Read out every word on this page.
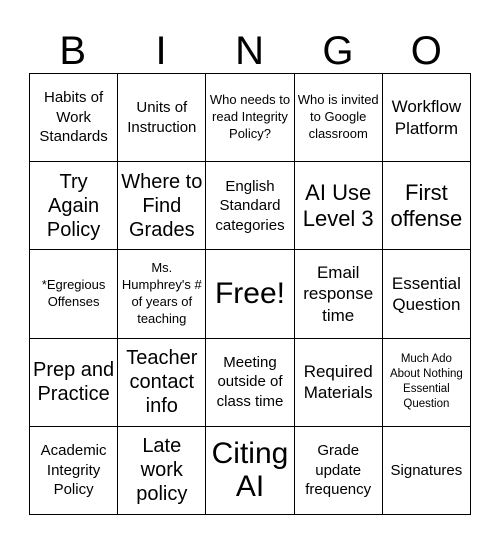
B	I	N	G	O
Habits of Work Standards
Units of Instruction
Who needs to read Integrity Policy?
Who is invited to Google classroom
Workflow Platform
Try Again Policy
Where to Find Grades
English Standard categories
AI Use Level 3
First offense
*Egregious Offenses
Ms. Humphrey's # of years of teaching
Free!
Email response time
Essential Question
Prep and Practice
Teacher contact info
Meeting outside of class time
Required Materials
Much Ado About Nothing Essential Question
Academic Integrity Policy
Late work policy
Citing AI
Grade update frequency
Signatures
